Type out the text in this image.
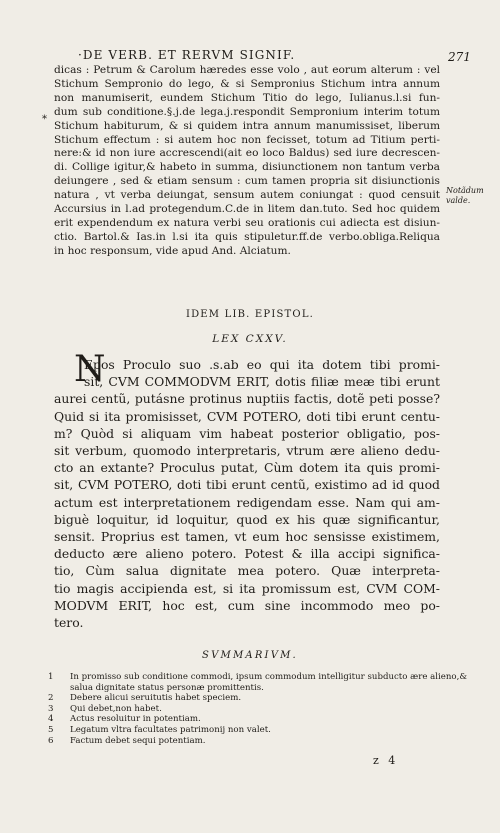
·DE VERB. ET RERVM SIGNIF.	271
*
dicas : Petrum & Carolum hæredes esse volo , aut eorum alterum : vel
Stichum Sempronio do lego, & si Sempronius Stichum intra annum
non manumiserit, eundem Stichum Titio do lego, Iulianus.l.si fun-
dum sub conditione.§.j.de lega.j.respondit Sempronium interim totum
Stichum habiturum, & si quidem intra annum manumissiset, liberum
Stichum effectum : si autem hoc non fecisset, totum ad Titium perti-
nere:& id non iure accrescendi(ait eo loco Baldus) sed iure decrescen-
di. Collige igitur,& habeto in summa, disiunctionem non tantum verba
deiungere , sed & etiam sensum : cum tamen propria sit disiunctionis
natura , vt verba deiungat, sensum autem coniungat : quod censuit
Accursius in l.ad protegendum.C.de in litem dan.tuto. Sed hoc quidem
erit expendendum ex natura verbi seu orationis cui adiecta est disiun-
ctio. Bartol.& Ias.in l.si ita quis stipuletur.ff.de verbo.obliga.Reliqua
in hoc responsum, vide apud And. Alciatum.
Notãdum
valde.
IDEM LIB. EPISTOL.
LEX CXXV.
N
Epos Proculo suo .s.ab eo qui ita dotem tibi promi-
sit, CVM COMMODVM ERIT, dotis filiæ meæ tibi erunt
aurei centũ, putásne protinus nuptiis factis, dotẽ peti posse?
Quid si ita promisisset, CVM POTERO, doti tibi erunt centu-
m? Quòd si aliquam vim habeat posterior obligatio, pos-
sit verbum, quomodo interpretaris, vtrum ære alieno dedu-
cto an extante? Proculus putat, Cùm dotem ita quis promi-
sit, CVM POTERO, doti tibi erunt centũ, existimo ad id quod
actum est interpretationem redigendam esse. Nam qui am-
biguè loquitur, id loquitur, quod ex his quæ significantur,
sensit. Proprius est tamen, vt eum hoc sensisse existimem,
deducto ære alieno potero. Potest & illa accipi significa-
tio, Cùm salua dignitate mea potero. Quæ interpreta-
tio magis accipienda est, si ita promissum est, CVM COM-
MODVM ERIT, hoc est, cum sine incommodo meo po-
tero.
SVMMARIVM.
1	In promisso sub conditione commodi, ipsum commodum intelligitur subducto ære alieno,&
salua dignitate status personæ promittentis.
2	Debere alicui seruitutis habet speciem.
3	Qui debet,non habet.
4	Actus resoluitur in potentiam.
5	Legatum vltra facultates patrimonij non valet.
6	Factum debet sequi potentiam.
z 4
